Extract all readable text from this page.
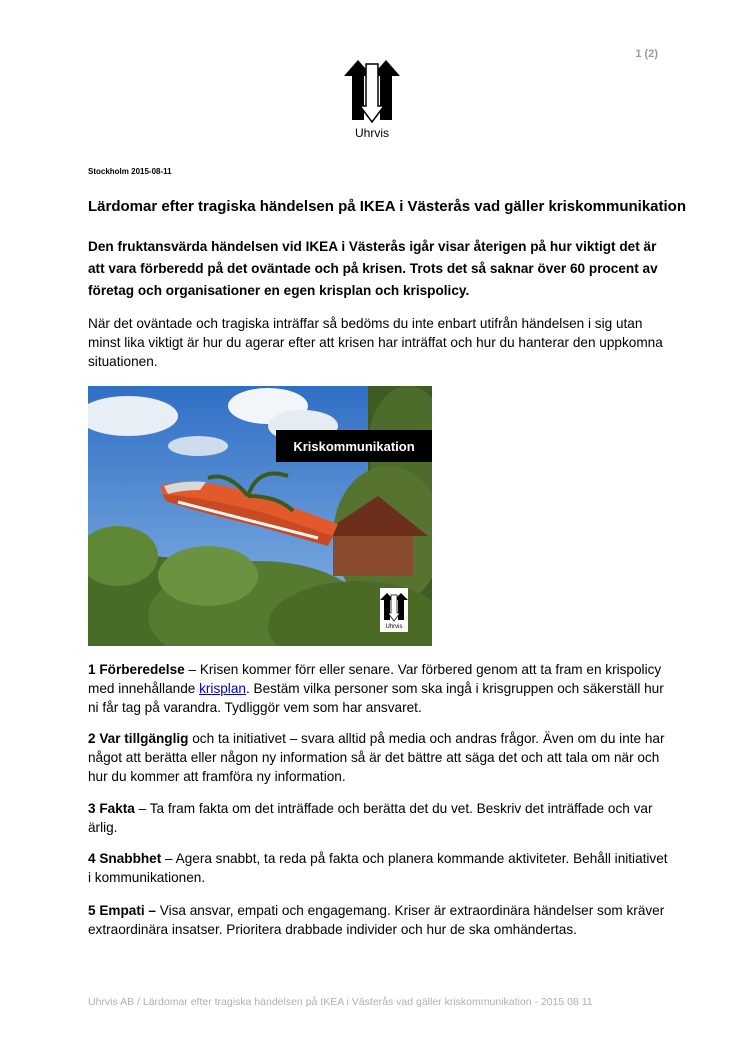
1 (2)
Uhrvis
Stockholm 2015-08-11
Lärdomar efter tragiska händelsen på IKEA i Västerås vad gäller kriskommunikation
Den fruktansvärda händelsen vid IKEA i Västerås igår visar återigen på hur viktigt det är att vara förberedd på det oväntade och på krisen. Trots det så saknar över 60 procent av företag och organisationer en egen krisplan och krispolicy.
När det oväntade och tragiska inträffar så bedöms du inte enbart utifrån händelsen i sig utan minst lika viktigt är hur du agerar efter att krisen har inträffat och hur du hanterar den uppkomna situationen.
Kriskommunikation
Uhrvis
1 Förberedelse – Krisen kommer förr eller senare. Var förbered genom att ta fram en krispolicy med innehållande krisplan. Bestäm vilka personer som ska ingå i krisgruppen och säkerställ hur ni får tag på varandra. Tydliggör vem som har ansvaret.
2 Var tillgänglig och ta initiativet – svara alltid på media och andras frågor. Även om du inte har något att berätta eller någon ny information så är det bättre att säga det och att tala om när och hur du kommer att framföra ny information.
3 Fakta – Ta fram fakta om det inträffade och berätta det du vet. Beskriv det inträffade och var ärlig.
4 Snabbhet – Agera snabbt, ta reda på fakta och planera kommande aktiviteter. Behåll initiativet i kommunikationen.
5 Empati – Visa ansvar, empati och engagemang. Kriser är extraordinära händelser som kräver extraordinära insatser. Prioritera drabbade individer och hur de ska omhändertas.
Uhrvis AB / Lärdomar efter tragiska händelsen på IKEA i Västerås vad gäller kriskommunikation - 2015 08 11
